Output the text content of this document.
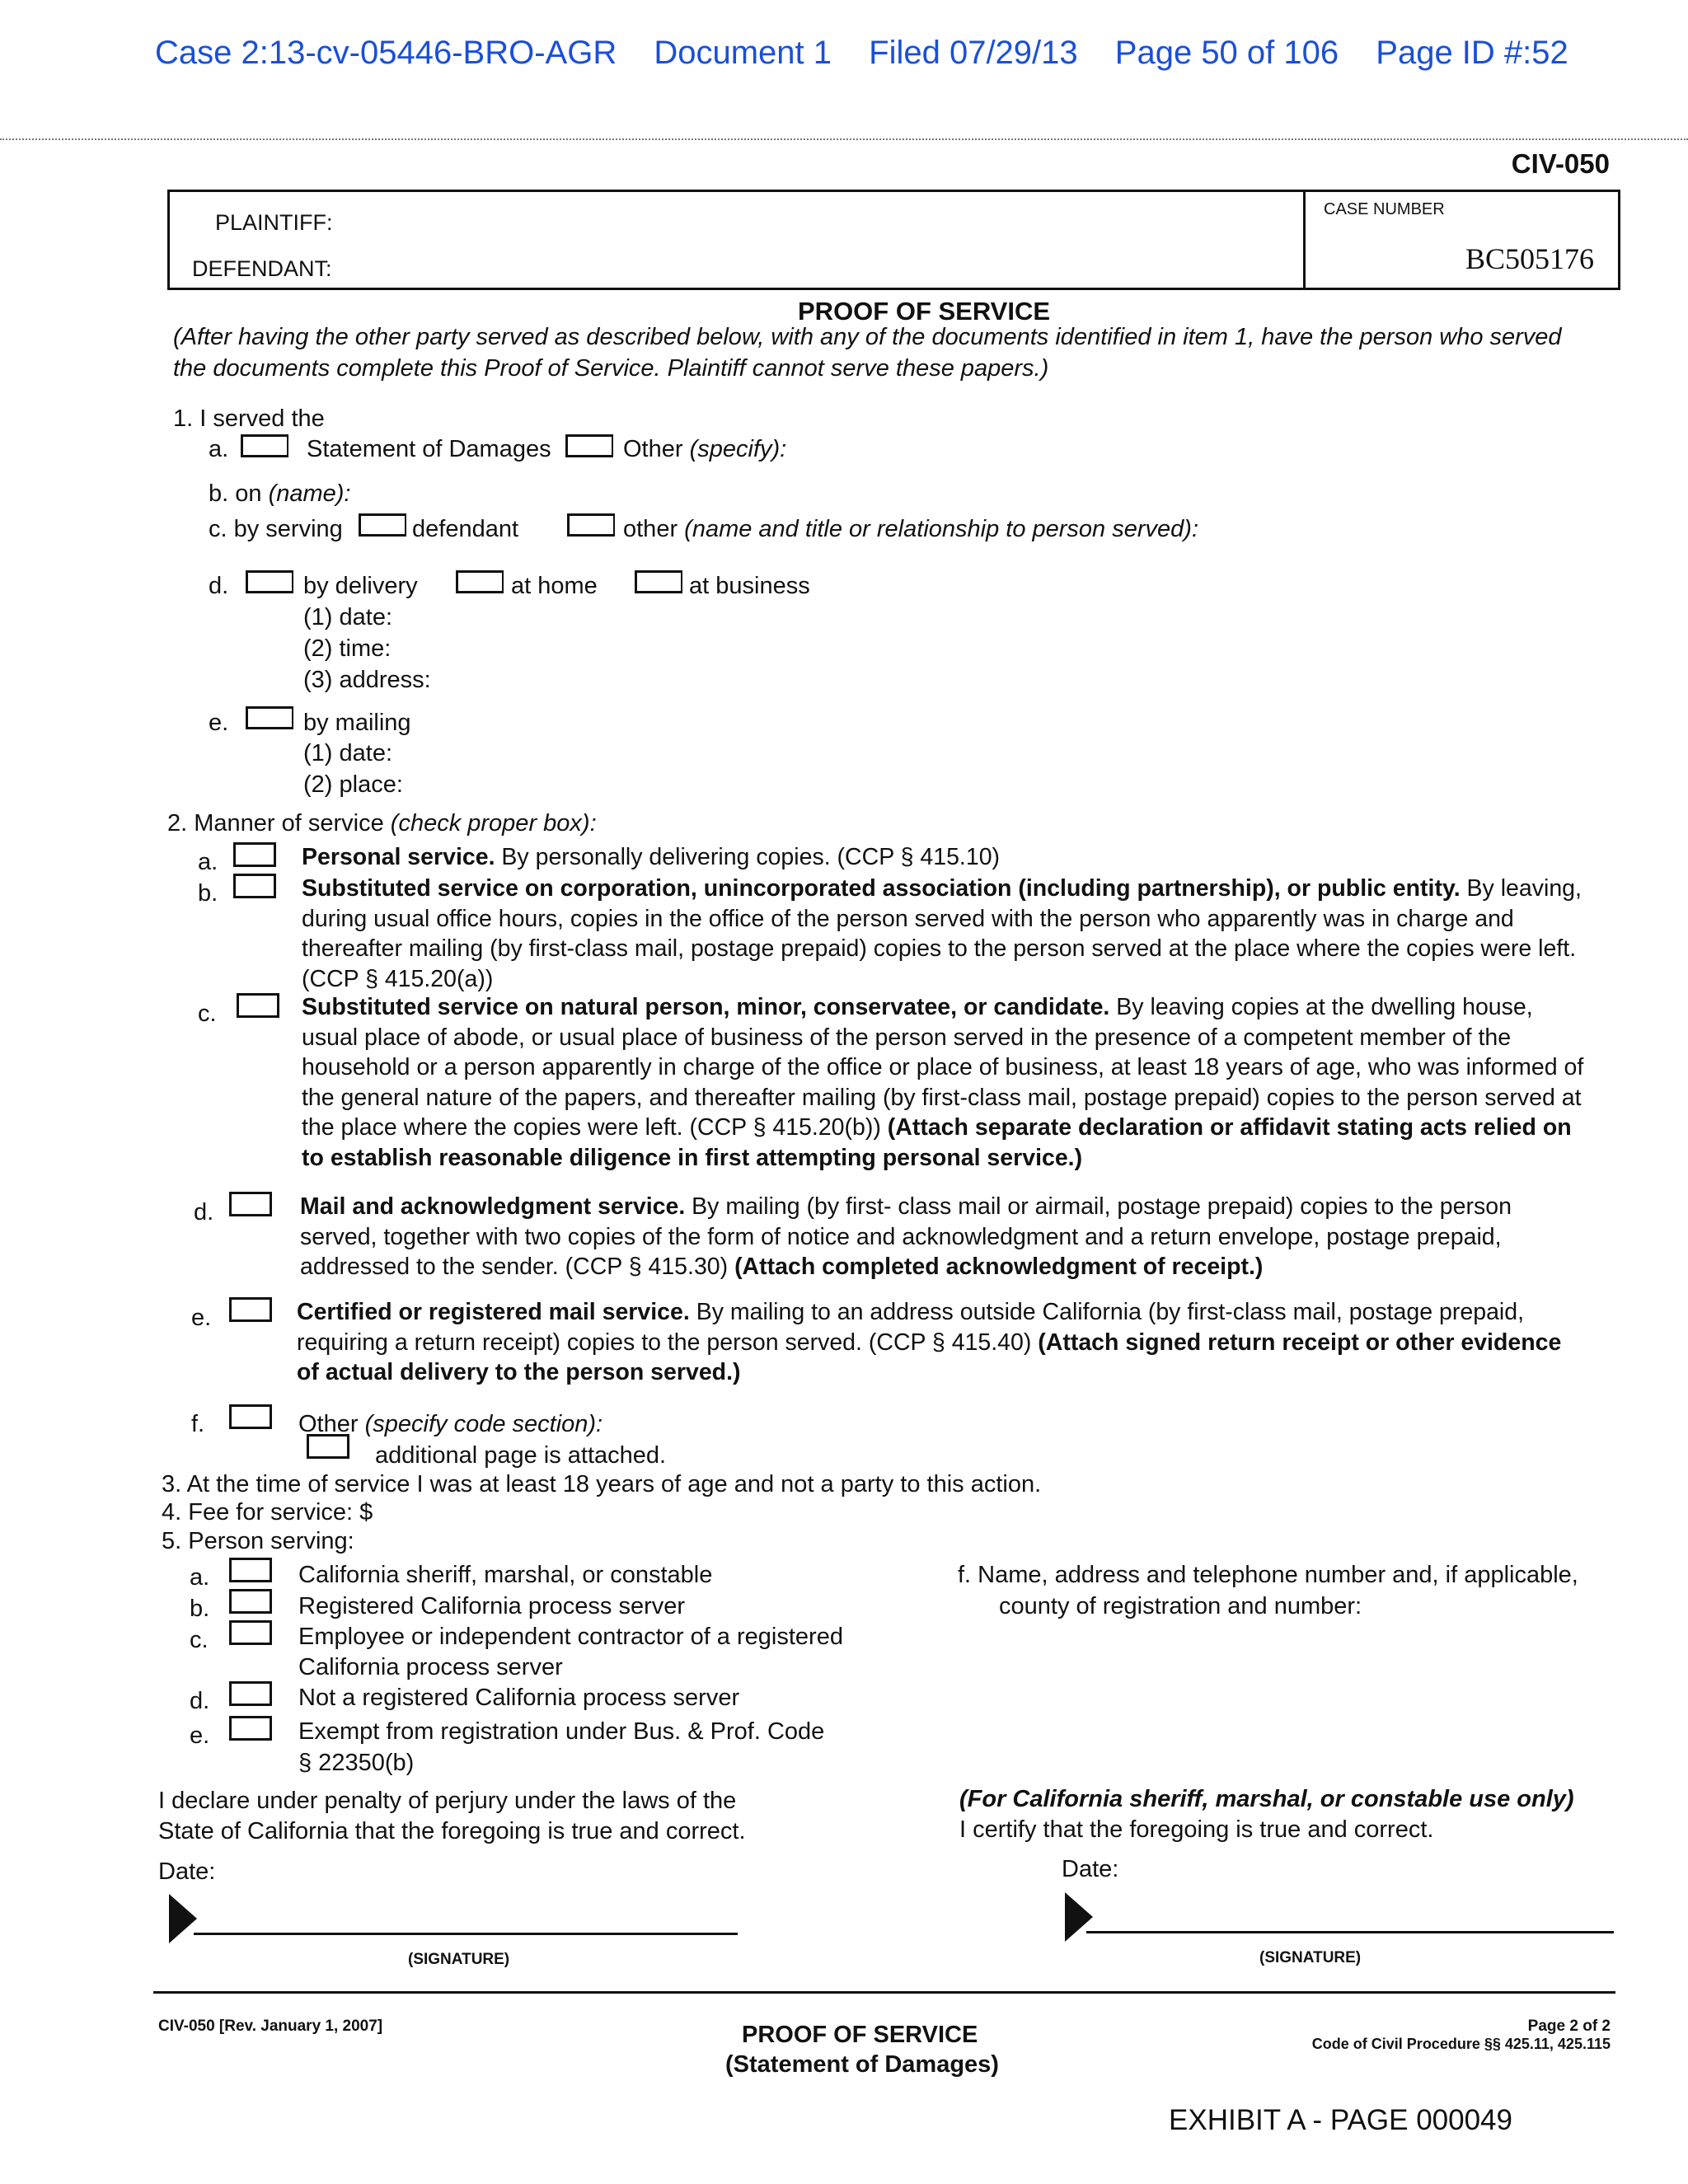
Case 2:13-cv-05446-BRO-AGR Document 1 Filed 07/29/13 Page 50 of 106 Page ID #:52
CIV-050
PLAINTIFF:
DEFENDANT:
CASE NUMBER
BC505176
PROOF OF SERVICE
(After having the other party served as described below, with any of the documents identified in item 1, have the person who served
the documents complete this Proof of Service. Plaintiff cannot serve these papers.)
1. I served the
a.	Statement of Damages	Other (specify):
b. on (name):
c. by serving	defendant	other (name and title or relationship to person served):
d.	by delivery	at home	at business
(1) date:
(2) time:
(3) address:
e.	by mailing
(1) date:
(2) place:
2. Manner of service (check proper box):
a.	Personal service. By personally delivering copies. (CCP § 415.10)
b.	Substituted service on corporation, unincorporated association (including partnership), or public entity. By leaving, during usual office hours, copies in the office of the person served with the person who apparently was in charge and thereafter mailing (by first-class mail, postage prepaid) copies to the person served at the place where the copies were left. (CCP § 415.20(a))
c.	Substituted service on natural person, minor, conservatee, or candidate. By leaving copies at the dwelling house, usual place of abode, or usual place of business of the person served in the presence of a competent member of the household or a person apparently in charge of the office or place of business, at least 18 years of age, who was informed of the general nature of the papers, and thereafter mailing (by first-class mail, postage prepaid) copies to the person served at the place where the copies were left. (CCP § 415.20(b)) (Attach separate declaration or affidavit stating acts relied on to establish reasonable diligence in first attempting personal service.)
d.	Mail and acknowledgment service. By mailing (by first- class mail or airmail, postage prepaid) copies to the person served, together with two copies of the form of notice and acknowledgment and a return envelope, postage prepaid, addressed to the sender. (CCP § 415.30) (Attach completed acknowledgment of receipt.)
e.	Certified or registered mail service. By mailing to an address outside California (by first-class mail, postage prepaid, requiring a return receipt) copies to the person served. (CCP § 415.40) (Attach signed return receipt or other evidence of actual delivery to the person served.)
f.	Other (specify code section):
additional page is attached.
3. At the time of service I was at least 18 years of age and not a party to this action.
4. Fee for service: $
5. Person serving:
a.	California sheriff, marshal, or constable
b.	Registered California process server
c.	Employee or independent contractor of a registered
California process server
d.	Not a registered California process server
e.	Exempt from registration under Bus. & Prof. Code
§ 22350(b)
f. Name, address and telephone number and, if applicable,
county of registration and number:
I declare under penalty of perjury under the laws of the
State of California that the foregoing is true and correct.
(For California sheriff, marshal, or constable use only)
I certify that the foregoing is true and correct.
Date:	Date:
(SIGNATURE)	(SIGNATURE)
CIV-050 [Rev. January 1, 2007]	PROOF OF SERVICE
(Statement of Damages)
Page 2 of 2
Code of Civil Procedure §§ 425.11, 425.115
EXHIBIT A - PAGE 000049
